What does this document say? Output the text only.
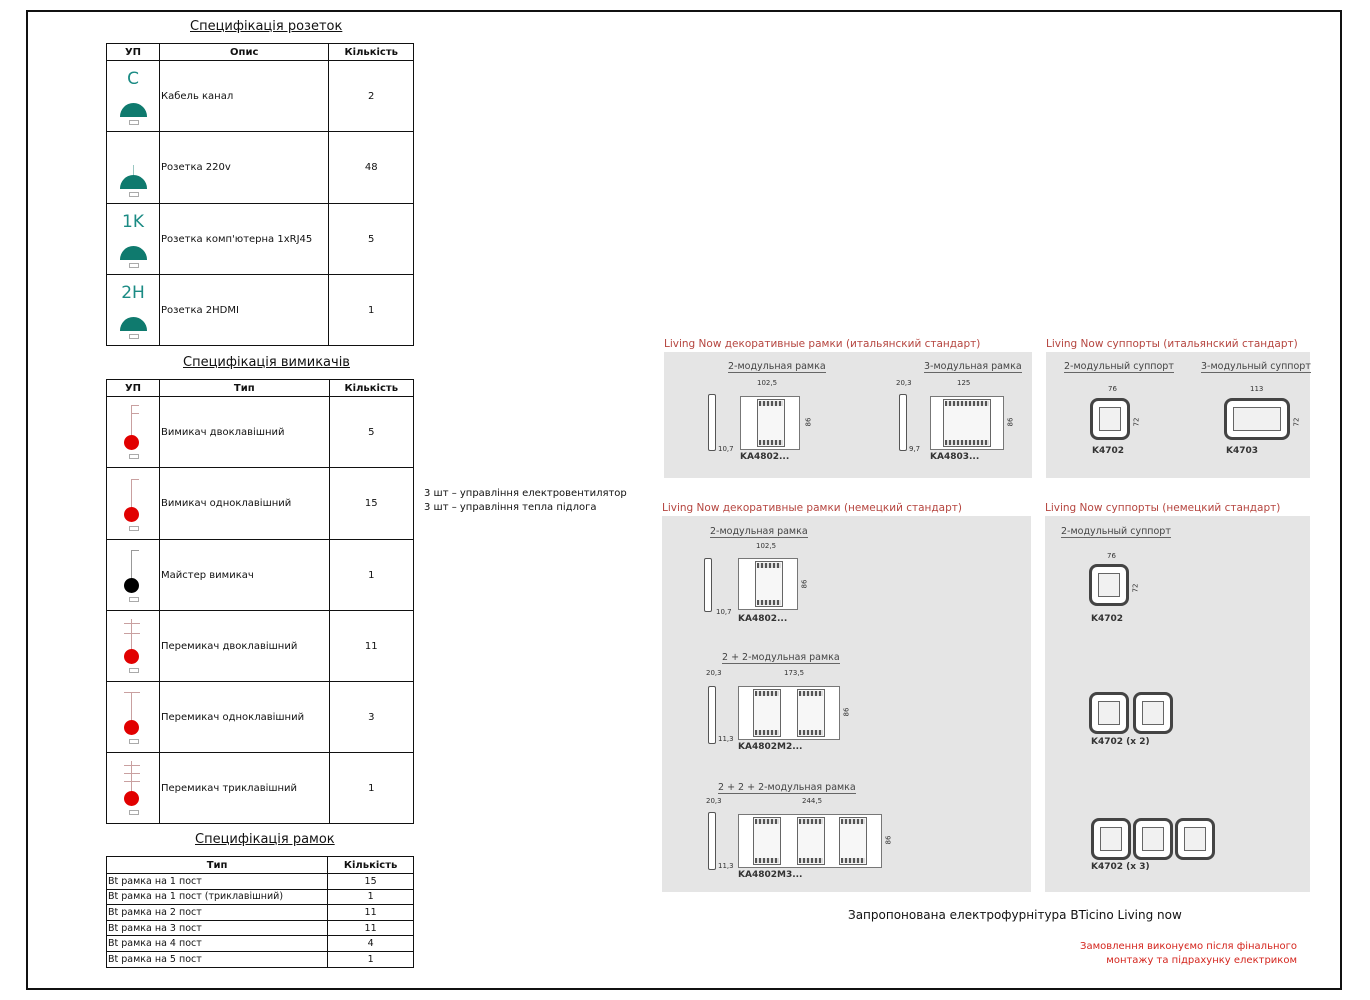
Специфікація розеток
УП	Опис	Кількість

C	Кабель канал	2

	Розетка 220v	48

1K	Розетка комп'ютерна 1xRJ45	5

2H	Розетка 2HDMI	1
Специфікація вимикачів
УП	Тип	Кількість

	Вимикач двоклавішний	5

	Вимикач одноклавішний	15

	Майстер вимикач	1

	Перемикач двоклавішний	11

	Перемикач одноклавішний	3

	Перемикач триклавішний	1
3 шт – управління електровентилятор
3 шт – управління тепла підлога
Специфікація рамок
Тип	Кількість
Bt рамка на 1 пост	15
Bt рамка на 1 пост (триклавішний)	1
Bt рамка на 2 пост	11
Bt рамка на 3 пост	11
Bt рамка на 4 пост	4
Bt рамка на 5 пост	1
Living Now декоративные рамки (итальянский стандарт)
2-модульная рамка	3-модульная рамка
10,7
102,5
86
KA4802...
20,3
9,7
125
86
KA4803...
Living Now суппорты (итальянский стандарт)
2-модульный суппорт	3-модульный суппорт
76
72
K4702
113
72
K4703
Living Now декоративные рамки (немецкий стандарт)
2-модульная рамка
102,5
10,7
86
KA4802...
2 + 2-модульная рамка
20,3	173,5
11,3
86
KA4802M2...
2 + 2 + 2-модульная рамка
20,3	244,5
11,3
86
KA4802M3...
Living Now суппорты (немецкий стандарт)
2-модульный суппорт
76
72
K4702
K4702 (x 2)
K4702 (x 3)
Запропонована електрофурнітура BTicino Living now
Замовлення виконуємо після фінального
монтажу та підрахунку електриком
